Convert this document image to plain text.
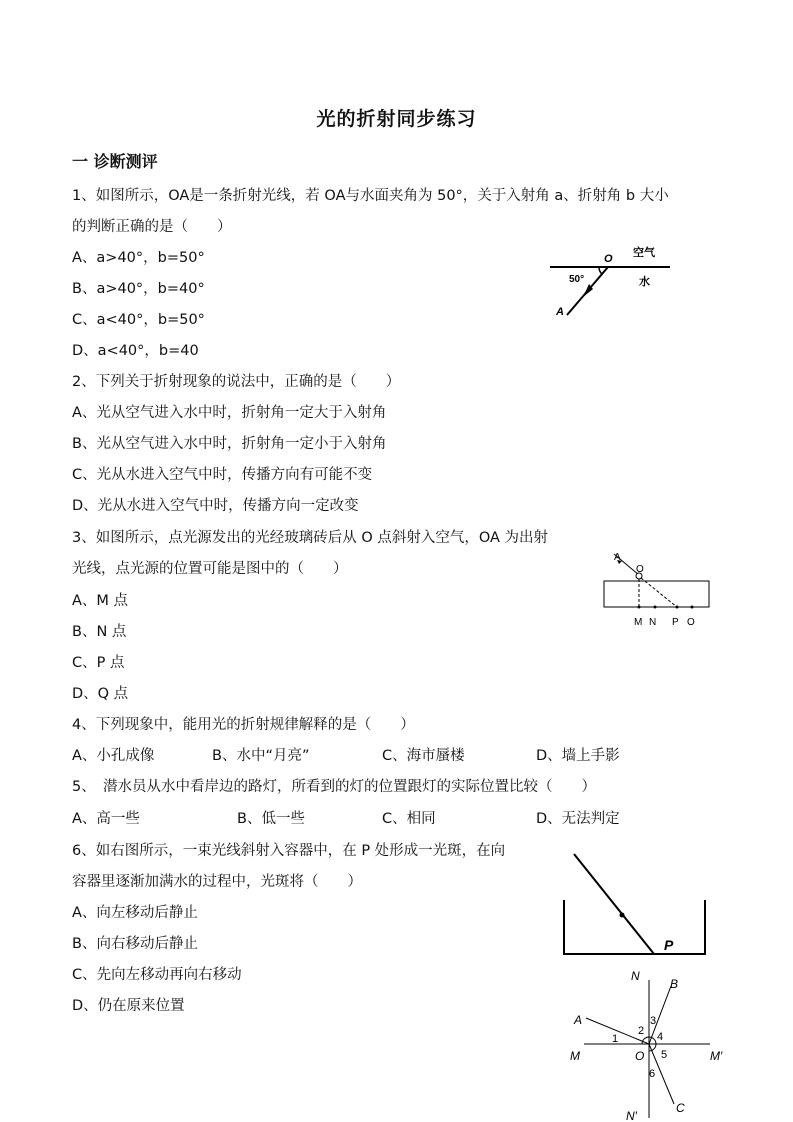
光的折射同步练习
一 诊断测评
1、如图所示，OA是一条折射光线，若 OA与水面夹角为 50°，关于入射角 a、折射角 b 大小
的判断正确的是（　　）
A、a>40°，b=50°
B、a>40°，b=40°
C、a<40°，b=50°
D、a<40°，b=40
O 空气
水
50°
A
2、下列关于折射现象的说法中，正确的是（　　）
A、光从空气进入水中时，折射角一定大于入射角
B、光从空气进入水中时，折射角一定小于入射角
C、光从水进入空气中时，传播方向有可能不变
D、光从水进入空气中时，传播方向一定改变
3、如图所示，点光源发出的光经玻璃砖后从 O 点斜射入空气，OA 为出射
光线，点光源的位置可能是图中的（　　）
A、M 点
B、N 点
C、P 点
D、Q 点
A
O
M N P O
4、下列现象中，能用光的折射规律解释的是（　　）
A、小孔成像	B、水中“月亮”	C、海市蜃楼	D、墙上手影
5、　潜水员从水中看岸边的路灯，所看到的灯的位置跟灯的实际位置比较（　　）
A、高一些	B、低一些	C、相同	D、无法判定
6、如右图所示，一束光线斜射入容器中，在 P 处形成一光斑，在向
容器里逐渐加满水的过程中，光斑将（　　）
A、向左移动后静止
B、向右移动后静止
C、先向左移动再向右移动
D、仍在原来位置
P
N
B
A
M	O	M′
N′
C
1
2
3
4
5
6
